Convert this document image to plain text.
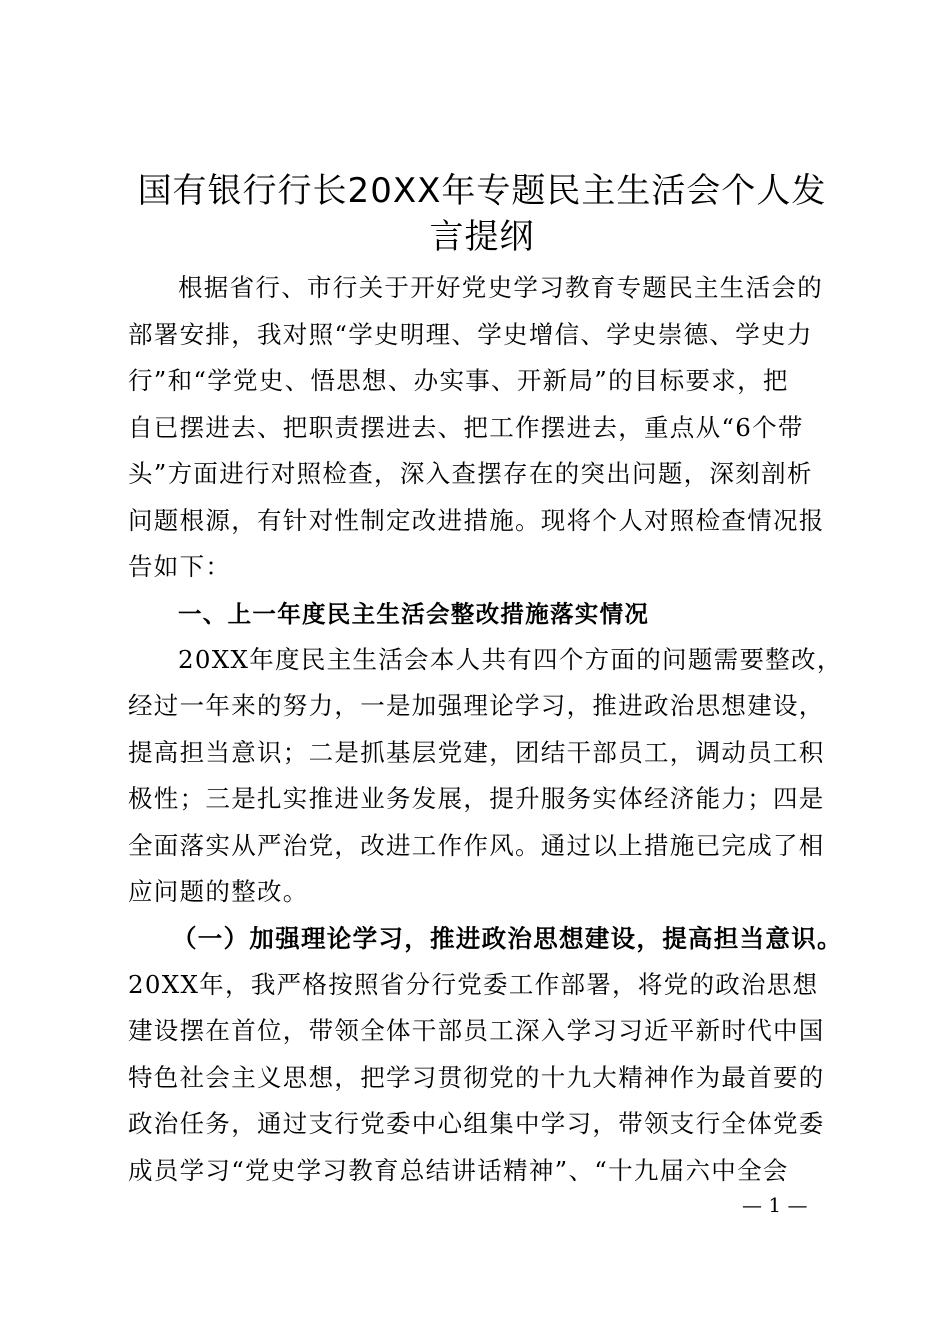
国有银行行长20XX年专题民主生活会个人发
言提纲
根据省行、市行关于开好党史学习教育专题民主生活会的
部署安排，我对照“学史明理、学史增信、学史崇德、学史力
行”和“学党史、悟思想、办实事、开新局”的目标要求，把
自已摆进去、把职责摆进去、把工作摆进去，重点从“6个带
头”方面进行对照检查，深入查摆存在的突出问题，深刻剖析
问题根源，有针对性制定改进措施。现将个人对照检查情况报
告如下：
一、上一年度民主生活会整改措施落实情况
20XX年度民主生活会本人共有四个方面的问题需要整改，
经过一年来的努力，一是加强理论学习，推进政治思想建设，
提高担当意识；二是抓基层党建，团结干部员工，调动员工积
极性；三是扎实推进业务发展，提升服务实体经济能力；四是
全面落实从严治党，改进工作作风。通过以上措施已完成了相
应问题的整改。
（一）加强理论学习，推进政治思想建设，提高担当意识。
20XX年，我严格按照省分行党委工作部署，将党的政治思想
建设摆在首位，带领全体干部员工深入学习习近平新时代中国
特色社会主义思想，把学习贯彻党的十九大精神作为最首要的
政治任务，通过支行党委中心组集中学习，带领支行全体党委
成员学习“党史学习教育总结讲话精神”、“十九届六中全会
— 1 —
